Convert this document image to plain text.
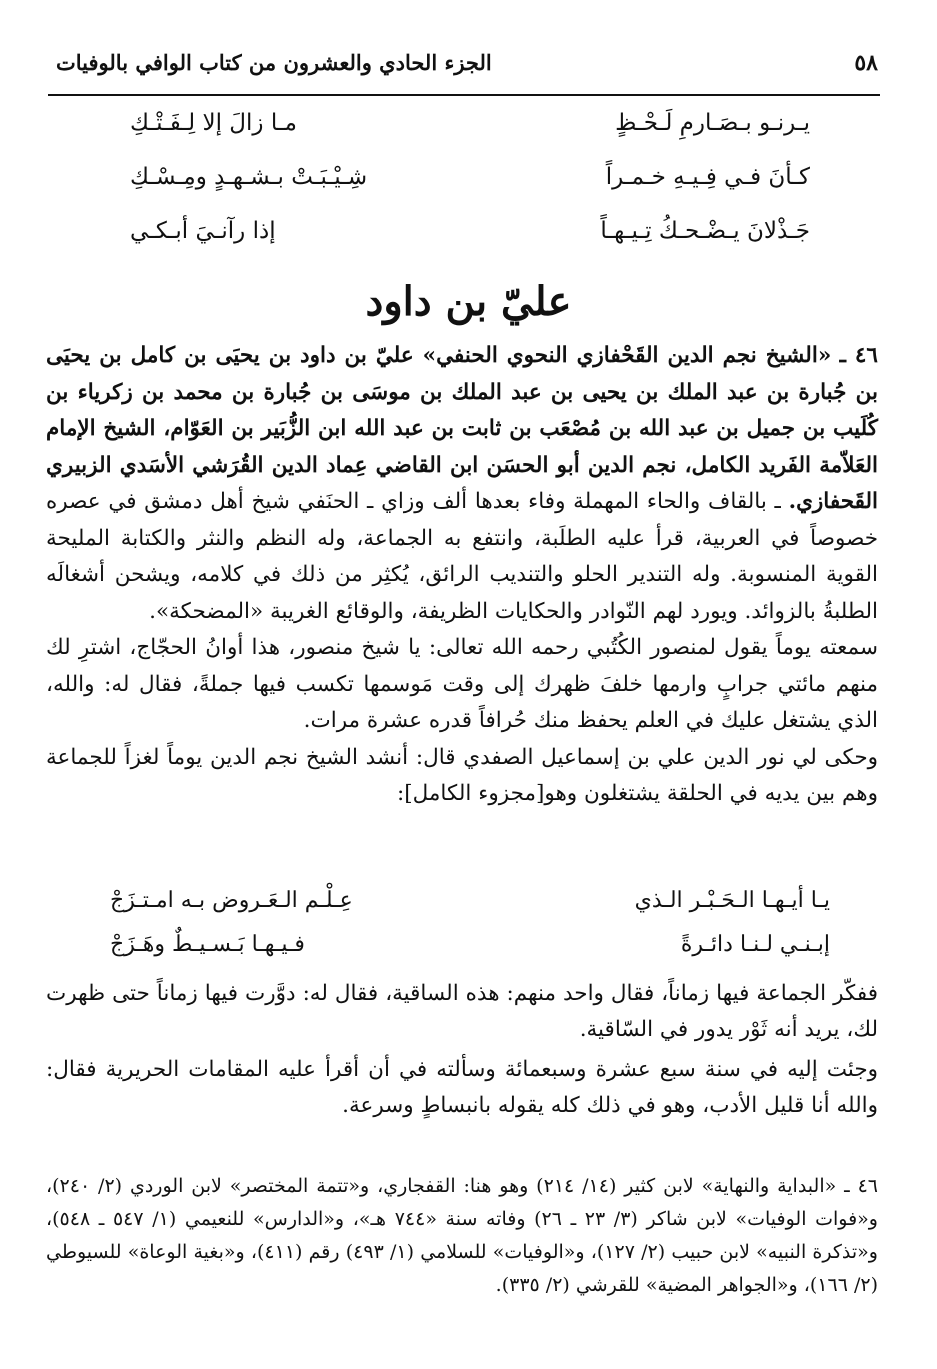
٥٨
الجزء الحادي والعشرون من كتاب الوافي بالوفيات
يـرنـو بـصَـارمِ لَـحْـظٍ
مـا زالَ إلا لِـفَـتْـكِ
كـأنَ فـي فِـيـهِ خـمـراً
شِـيْـبَـتْ بـشـهـدٍ ومِـسْـكِ
جَـذْلانَ يـضْـحـكُ تِـيـهـاً
إذا رآنـيَ أبـكـي
عليّ بن داود

٤٦ ـ «الشيخ نجم الدين القَحْفازي النحوي الحنفي» عليّ بن داود بن يحيَى بن كامل بن يحيَى بن جُبارة بن عبد الملك بن يحيى بن عبد الملك بن موسَى بن جُبارة بن محمد بن زكرياء بن كُلَيب بن جميل بن عبد الله بن مُصْعَب بن ثابت بن عبد الله ابن الزُّبَير بن العَوّام، الشيخ الإمام العَلاّمة الفَريد الكامل، نجم الدين أبو الحسَن ابن القاضي عِماد الدين القُرَشي الأسَدي الزبيري القَحفازي. ـ بالقاف والحاء المهملة وفاء بعدها ألف وزاي ـ الحنَفي شيخ أهل دمشق في عصره خصوصاً في العربية، قرأ عليه الطلَبة، وانتفع به الجماعة، وله النظم والنثر والكتابة المليحة القوية المنسوبة. وله التندير الحلو والتنديب الرائق، يُكثِر من ذلك في كلامه، ويشحن أشغالَه الطلبةُ بالزوائد. ويورد لهم النّوادر والحكايات الظريفة، والوقائع الغريبة «المضحكة».

سمعته يوماً يقول لمنصور الكُتُبي رحمه الله تعالى: يا شيخ منصور، هذا أوانُ الحجّاج، اشترِ لك منهم مائتي جرابٍ وارمها خلفَ ظهرك إلى وقت مَوسمها تكسب فيها جملةً، فقال له: والله، الذي يشتغل عليك في العلم يحفظ منك حُرافاً قدره عشرة مرات.

وحكى لي نور الدين علي بن إسماعيل الصفدي قال: أنشد الشيخ نجم الدين يوماً لغزاً للجماعة وهم بين يديه في الحلقة يشتغلون وهو[مجزوء الكامل]:

يـا أيـهـا الـحَـبْـر الـذي
عِـلْـم الـعَـروض بـه امـتـزَجْ
إبـنـي لـنـا دائـرةً
فـيـهـا بَـسـيـطٌ وهَـزَجْ

ففكّر الجماعة فيها زماناً، فقال واحد منهم: هذه الساقية، فقال له: دوَّرت فيها زماناً حتى ظهرت لك، يريد أنه ثَوْر يدور في السّاقية.

وجئت إليه في سنة سبع عشرة وسبعمائة وسألته في أن أقرأ عليه المقامات الحريرية فقال: والله أنا قليل الأدب، وهو في ذلك كله يقوله بانبساطٍ وسرعة.

٤٦ ـ «البداية والنهاية» لابن كثير (١٤/ ٢١٤) وهو هنا: القفجاري، و«تتمة المختصر» لابن الوردي (٢/ ٢٤٠)، و«فوات الوفيات» لابن شاكر (٣/ ٢٣ ـ ٢٦) وفاته سنة «٧٤٤ هـ»، و«الدارس» للنعيمي (١/ ٥٤٧ ـ ٥٤٨)، و«تذكرة النبيه» لابن حبيب (٢/ ١٢٧)، و«الوفيات» للسلامي (١/ ٤٩٣) رقم (٤١١)، و«بغية الوعاة» للسيوطي (٢/ ١٦٦)، و«الجواهر المضية» للقرشي (٢/ ٣٣٥).
